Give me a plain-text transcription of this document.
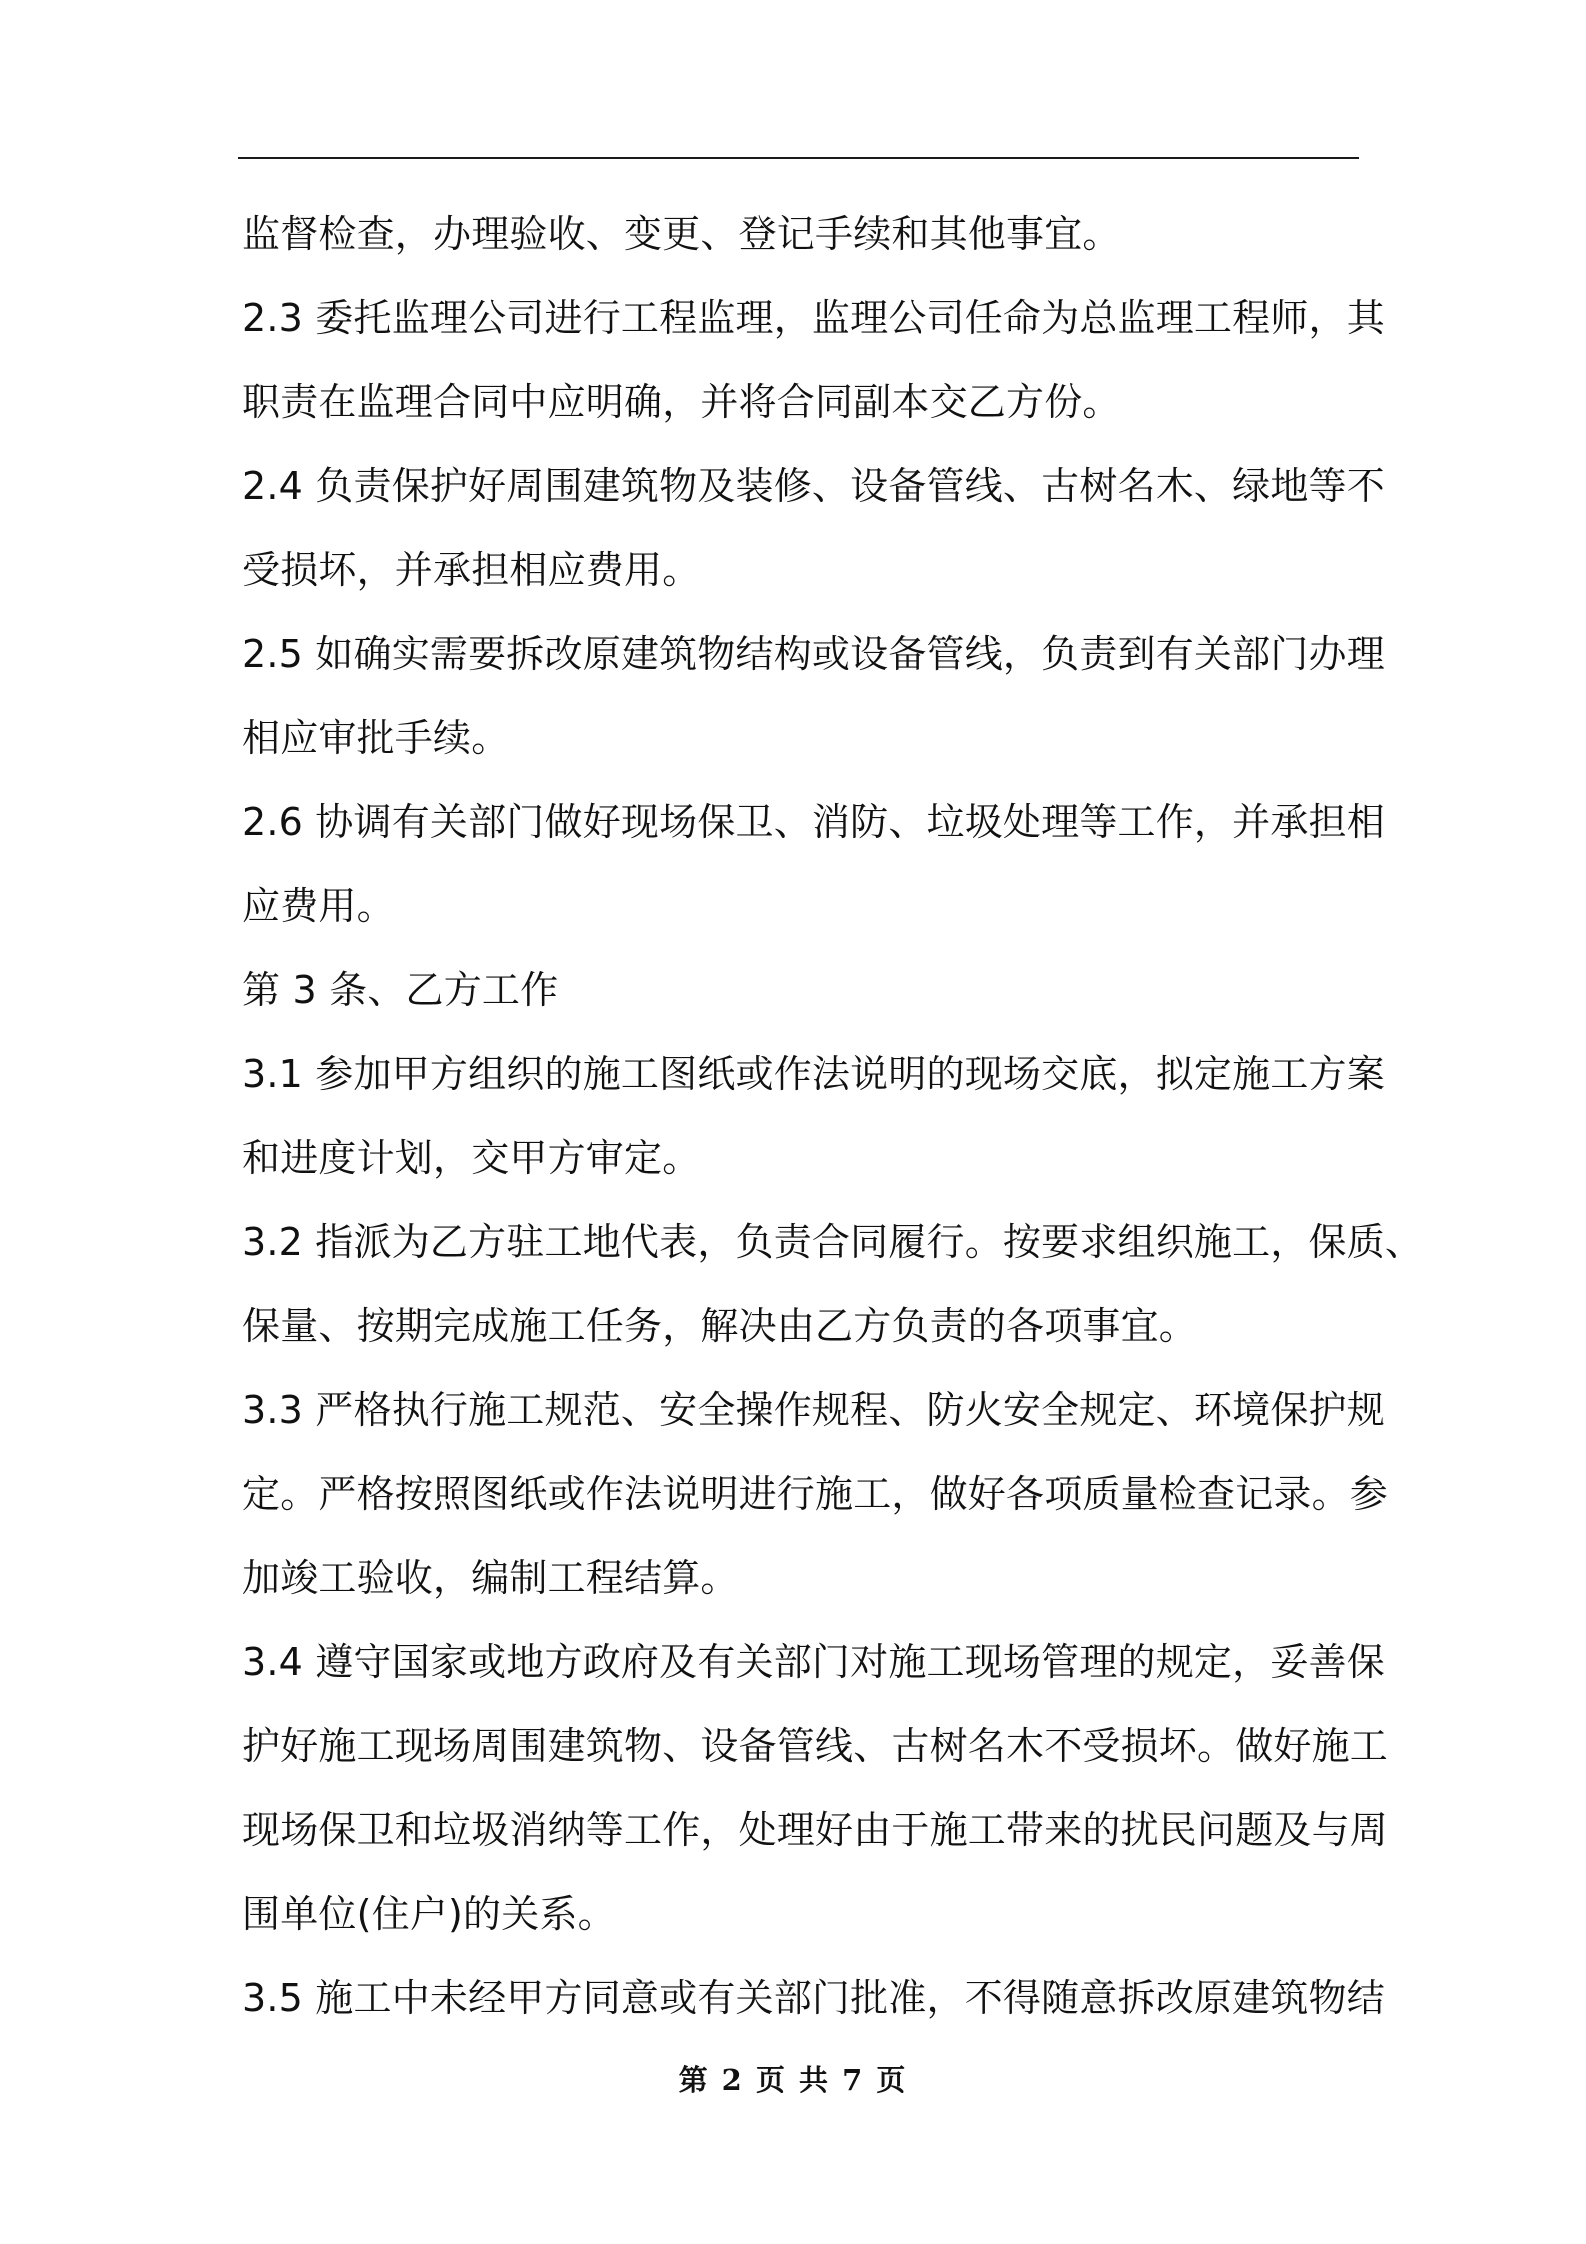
监督检查，办理验收、变更、登记手续和其他事宜。
2.3 委托监理公司进行工程监理，监理公司任命为总监理工程师，其
职责在监理合同中应明确，并将合同副本交乙方份。
2.4 负责保护好周围建筑物及装修、设备管线、古树名木、绿地等不
受损坏，并承担相应费用。
2.5 如确实需要拆改原建筑物结构或设备管线，负责到有关部门办理
相应审批手续。
2.6 协调有关部门做好现场保卫、消防、垃圾处理等工作，并承担相
应费用。
第 3 条、乙方工作
3.1 参加甲方组织的施工图纸或作法说明的现场交底，拟定施工方案
和进度计划，交甲方审定。
3.2 指派为乙方驻工地代表，负责合同履行。按要求组织施工，保质、
保量、按期完成施工任务，解决由乙方负责的各项事宜。
3.3 严格执行施工规范、安全操作规程、防火安全规定、环境保护规
定。严格按照图纸或作法说明进行施工，做好各项质量检查记录。参
加竣工验收，编制工程结算。
3.4 遵守国家或地方政府及有关部门对施工现场管理的规定，妥善保
护好施工现场周围建筑物、设备管线、古树名木不受损坏。做好施工
现场保卫和垃圾消纳等工作，处理好由于施工带来的扰民问题及与周
围单位(住户)的关系。
3.5 施工中未经甲方同意或有关部门批准，不得随意拆改原建筑物结
第 2 页 共 7 页
